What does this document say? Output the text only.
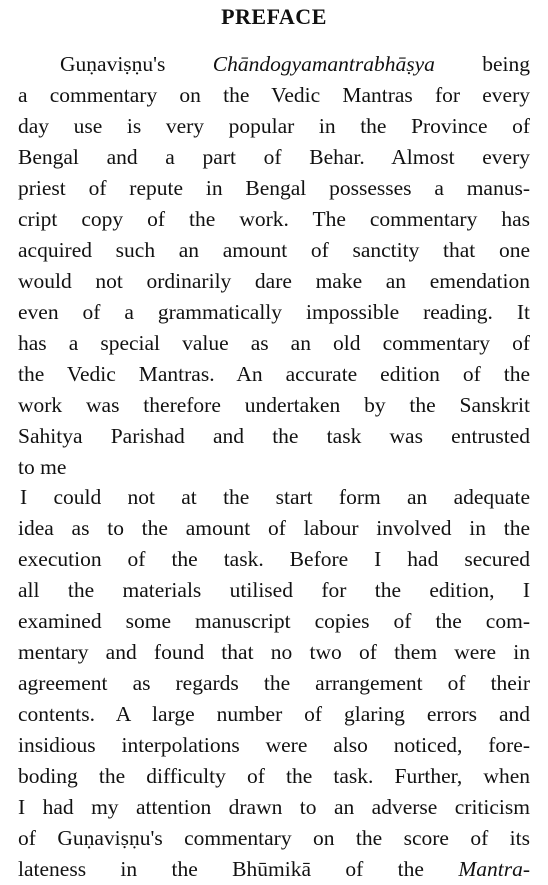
PREFACE
Guṇaviṣṇu's Chāndogyamantrabhāṣya being
a commentary on the Vedic Mantras for every
day use is very popular in the Province of
Bengal and a part of Behar. Almost every
priest of repute in Bengal possesses a manus-
cript copy of the work. The commentary has
acquired such an amount of sanctity that one
would not ordinarily dare make an emendation
even of a grammatically impossible reading. It
has a special value as an old commentary of
the Vedic Mantras. An accurate edition of the
work was therefore undertaken by the Sanskrit
Sahitya Parishad and the task was entrusted
to me
I could not at the start form an adequate
idea as to the amount of labour involved in the
execution of the task. Before I had secured
all the materials utilised for the edition, I
examined some manuscript copies of the com-
mentary and found that no two of them were in
agreement as regards the arrangement of their
contents. A large number of glaring errors and
insidious interpolations were also noticed, fore-
boding the difficulty of the task. Further, when
I had my attention drawn to an adverse criticism
of Guṇaviṣṇu's commentary on the score of its
lateness in the Bhūmikā of the Mantra-
